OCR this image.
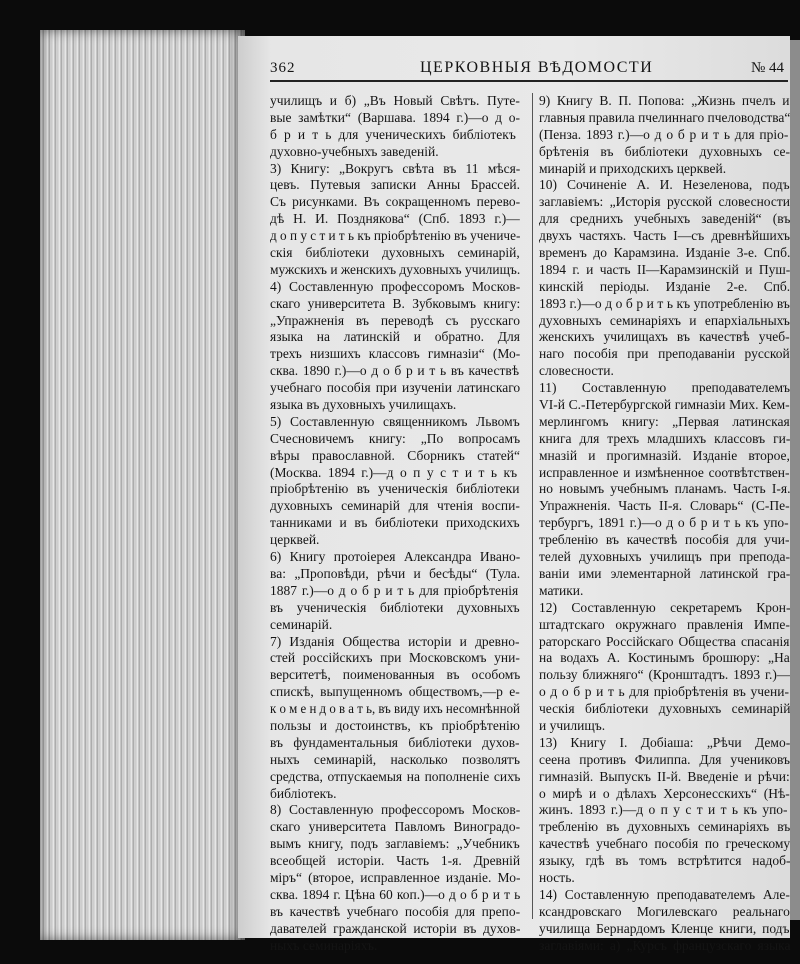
362	ЦЕРКОВНЫЯ ВѢДОМОСТИ	№ 44
училищъ и б) „Въ Новый Свѣтъ. Путе-
вые замѣтки“ (Варшава. 1894 г.)—о д о-
б р и т ь для ученическихъ библіотекъ
духовно-учебныхъ заведеній.
3) Книгу: „Вокругъ свѣта въ 11 мѣся-
цевъ. Путевыя записки Анны Брассей.
Съ рисунками. Въ сокращенномъ перево-
дѣ Н. И. Позднякова“ (Спб. 1893 г.)—
д о п у с т и т ь къ пріобрѣтенію въ учениче-
скія библіотеки духовныхъ семинарій,
мужскихъ и женскихъ духовныхъ училищъ.
4) Составленную профессоромъ Москов-
скаго университета В. Зубковымъ книгу:
„Упражненія въ переводѣ съ русскаго
языка на латинскій и обратно. Для
трехъ низшихъ классовъ гимназіи“ (Мо-
сква. 1890 г.)—о д о б р и т ь въ качествѣ
учебнаго пособія при изученіи латинскаго
языка въ духовныхъ училищахъ.
5) Составленную священникомъ Львомъ
Счесновичемъ книгу: „По вопросамъ
вѣры православной. Сборникъ статей“
(Москва. 1894 г.)—д о п у с т и т ь къ
пріобрѣтенію въ ученическія библіотеки
духовныхъ семинарій для чтенія воспи-
танниками и въ библіотеки приходскихъ
церквей.
6) Книгу протоіерея Александра Ивано-
ва: „Проповѣди, рѣчи и бесѣды“ (Тула.
1887 г.)—о д о б р и т ь для пріобрѣтенія
въ ученическія библіотеки духовныхъ
семинарій.
7) Изданія Общества исторіи и древно-
стей россійскихъ при Московскомъ уни-
верситетѣ, поименованныя въ особомъ
спискѣ, выпущенномъ обществомъ,—р е-
к о м е н д о в а т ь, въ виду ихъ несомнѣнной
пользы и достоинствъ, къ пріобрѣтенію
въ фундаментальныя библіотеки духов-
ныхъ семинарій, насколько позволятъ
средства, отпускаемыя на пополненіе сихъ
библіотекъ.
8) Составленную профессоромъ Москов-
скаго университета Павломъ Виноградо-
вымъ книгу, подъ заглавіемъ: „Учебникъ
всеобщей исторіи. Часть 1-я. Древній
міръ“ (второе, исправленное изданіе. Мо-
сква. 1894 г. Цѣна 60 коп.)—о д о б р и т ь
въ качествѣ учебнаго пособія для препо-
давателей гражданской исторіи въ духов-
ныхъ семинаріяхъ.
9) Книгу В. П. Попова: „Жизнь пчелъ и
главныя правила пчелиннаго пчеловодства“
(Пенза. 1893 г.)—о д о б р и т ь для пріо-
брѣтенія въ библіотеки духовныхъ се-
минарій и приходскихъ церквей.
10) Сочиненіе А. И. Незеленова, подъ
заглавіемъ: „Исторія русской словесности
для среднихъ учебныхъ заведеній“ (въ
двухъ частяхъ. Часть I—съ древнѣйшихъ
временъ до Карамзина. Изданіе 3-е. Спб.
1894 г. и часть II—Карамзинскій и Пуш-
кинскій періоды. Изданіе 2-е. Спб.
1893 г.)—о д о б р и т ь къ употребленію въ
духовныхъ семинаріяхъ и епархіальныхъ
женскихъ училищахъ въ качествѣ учеб-
наго пособія при преподаваніи русской
словесности.
11) Составленную преподавателемъ
VI-й С.-Петербургской гимназіи Мих. Кем-
мерлингомъ книгу: „Первая латинская
книга для трехъ младшихъ классовъ ги-
мназій и прогимназій. Изданіе второе,
исправленное и измѣненное соотвѣтствен-
но новымъ учебнымъ планамъ. Часть I-я.
Упражненія. Часть II-я. Словарь“ (С-Пе-
тербургъ, 1891 г.)—о д о б р и т ь къ упо-
требленію въ качествѣ пособія для учи-
телей духовныхъ училищъ при препода-
ваніи ими элементарной латинской гра-
матики.
12) Составленную секретаремъ Крон-
штадтскаго окружнаго правленія Импе-
раторскаго Россійскаго Общества спасанія
на водахъ А. Костинымъ брошюру: „На
пользу ближняго“ (Кронштадтъ. 1893 г.)—
о д о б р и т ь для пріобрѣтенія въ учени-
ческія библіотеки духовныхъ семинарій
и училищъ.
13) Книгу I. Добіаша: „Рѣчи Демо-
сеена противъ Филиппа. Для учениковъ
гимназій. Выпускъ II-й. Введеніе и рѣчи:
о мирѣ и о дѣлахъ Херсонесскихъ“ (Нѣ-
жинъ. 1893 г.)—д о п у с т и т ь къ упо-
требленію въ духовныхъ семинаріяхъ въ
качествѣ учебнаго пособія по греческому
языку, гдѣ въ томъ встрѣтится надоб-
ность.
14) Составленную преподавателемъ Але-
ксандровскаго Могилевскаго реальнаго
училища Бернардомъ Кленце книги, подъ
заглавіями: а) „Курсъ французскаго языка
